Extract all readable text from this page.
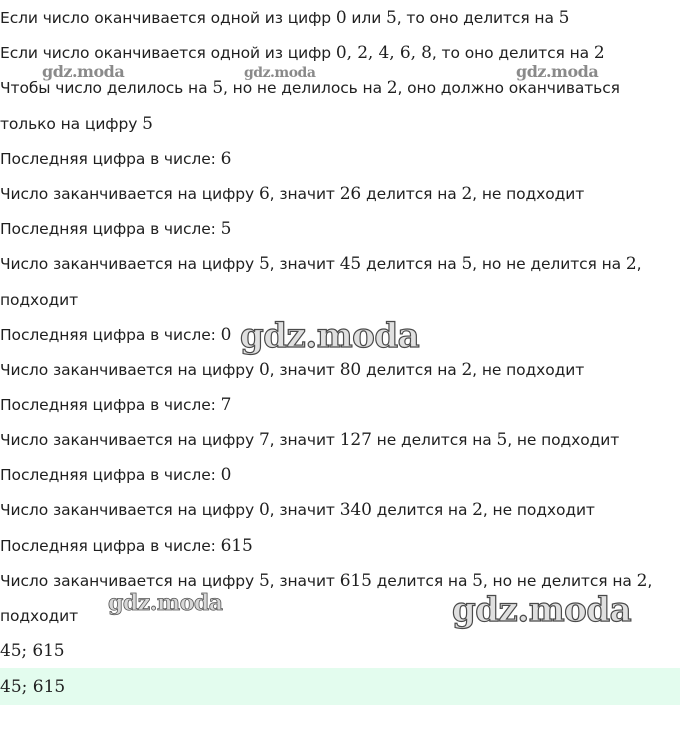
Если число оканчивается одной из цифр 0 или 5, то оно делится на 5
Если число оканчивается одной из цифр 0, 2, 4, 6, 8, то оно делится на 2
Чтобы число делилось на 5, но не делилось на 2, оно должно оканчиваться
только на цифру 5
Последняя цифра в числе: 6
Число заканчивается на цифру 6, значит 26 делится на 2, не подходит
Последняя цифра в числе: 5
Число заканчивается на цифру 5, значит 45 делится на 5, но не делится на 2,
подходит
Последняя цифра в числе: 0
Число заканчивается на цифру 0, значит 80 делится на 2, не подходит
Последняя цифра в числе: 7
Число заканчивается на цифру 7, значит 127 не делится на 5, не подходит
Последняя цифра в числе: 0
Число заканчивается на цифру 0, значит 340 делится на 2, не подходит
Последняя цифра в числе: 615
Число заканчивается на цифру 5, значит 615 делится на 5, но не делится на 2,
подходит
45; 615
45; 615
gdz.moda	gdz.moda	gdz.moda
gdz.moda
gdz.moda	gdz.moda
